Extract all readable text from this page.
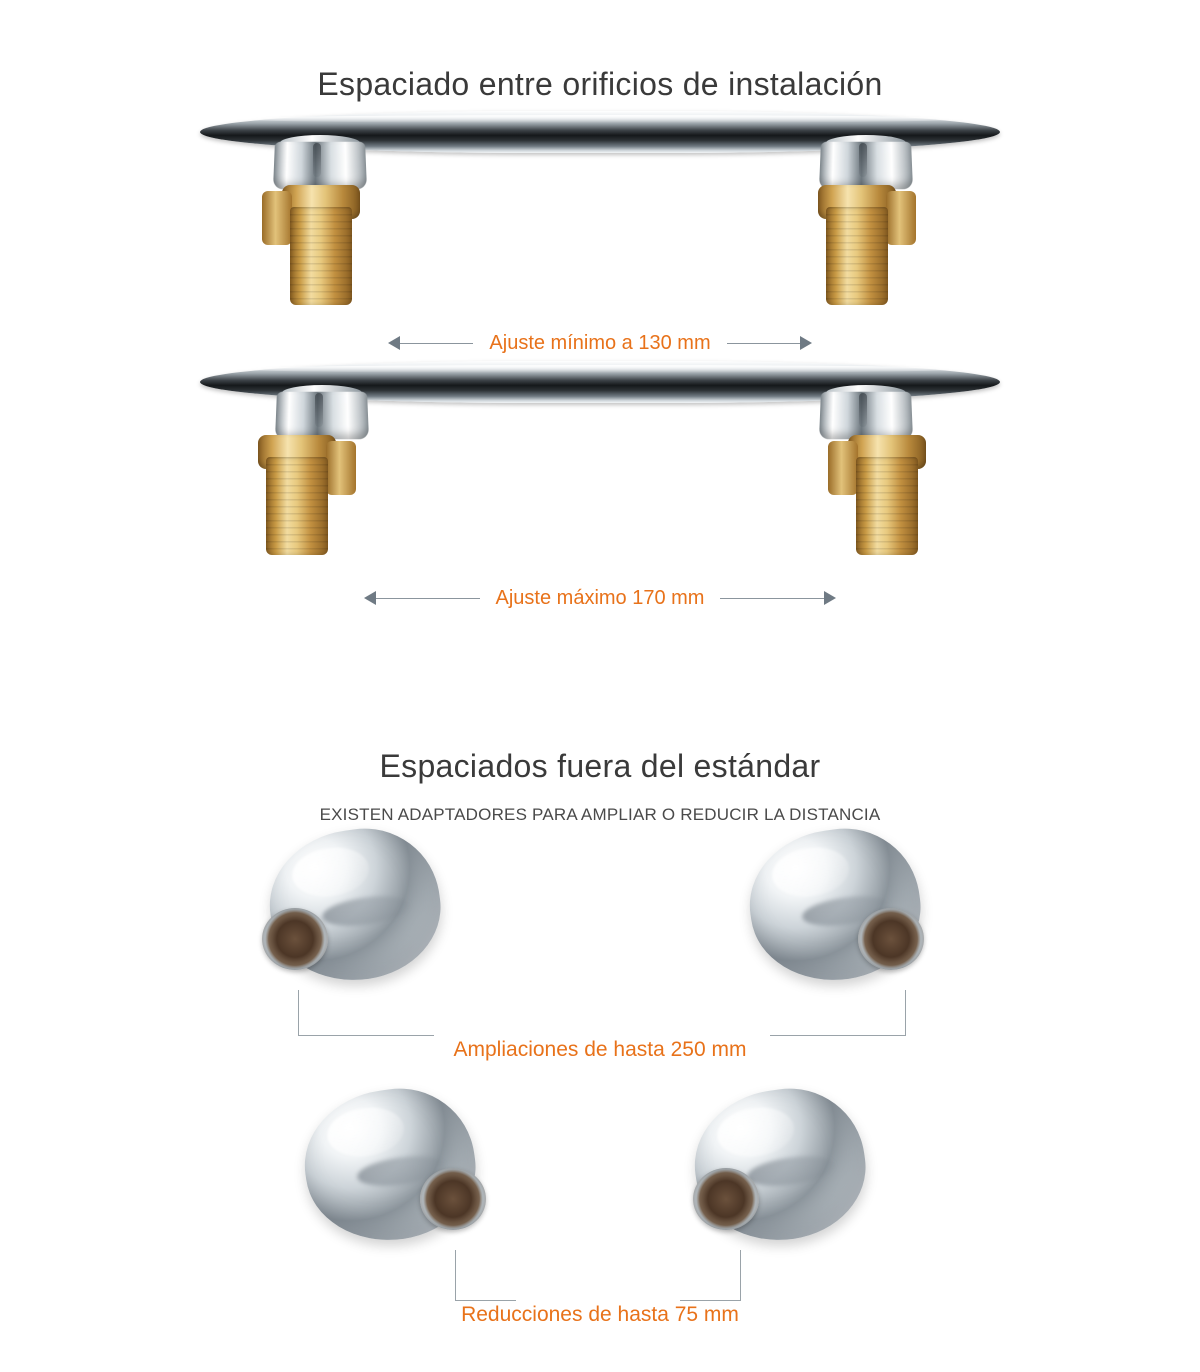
Espaciado entre orificios de instalación
Ajuste mínimo a 130 mm
Ajuste máximo 170 mm
Espaciados fuera del estándar
EXISTEN ADAPTADORES PARA AMPLIAR O REDUCIR LA DISTANCIA
Ampliaciones de hasta 250 mm
Reducciones de hasta 75 mm
